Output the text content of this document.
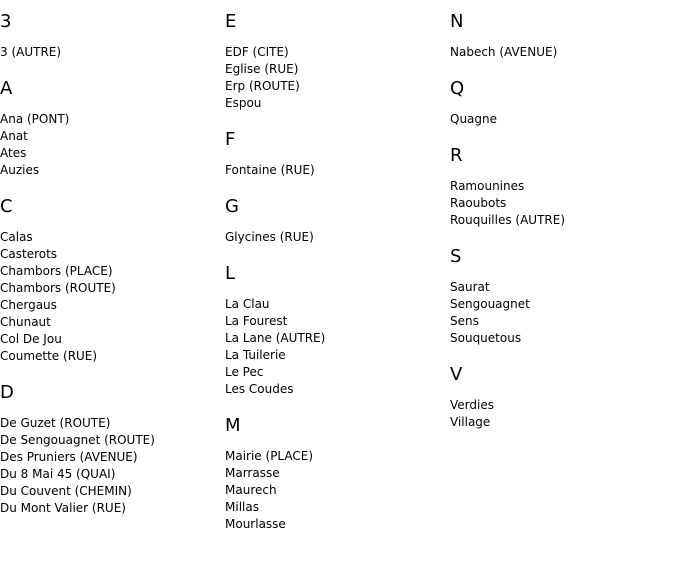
3
3 (AUTRE)
A
Ana (PONT)
Anat
Ates
Auzies
C
Calas
Casterots
Chambors (PLACE)
Chambors (ROUTE)
Chergaus
Chunaut
Col De Jou
Coumette (RUE)
D
De Guzet (ROUTE)
De Sengouagnet (ROUTE)
Des Pruniers (AVENUE)
Du 8 Mai 45 (QUAI)
Du Couvent (CHEMIN)
Du Mont Valier (RUE)
E
EDF (CITE)
Eglise (RUE)
Erp (ROUTE)
Espou
F
Fontaine (RUE)
G
Glycines (RUE)
L
La Clau
La Fourest
La Lane (AUTRE)
La Tuilerie
Le Pec
Les Coudes
M
Mairie (PLACE)
Marrasse
Maurech
Millas
Mourlasse
N
Nabech (AVENUE)
Q
Quagne
R
Ramounines
Raoubots
Rouquilles (AUTRE)
S
Saurat
Sengouagnet
Sens
Souquetous
V
Verdies
Village
